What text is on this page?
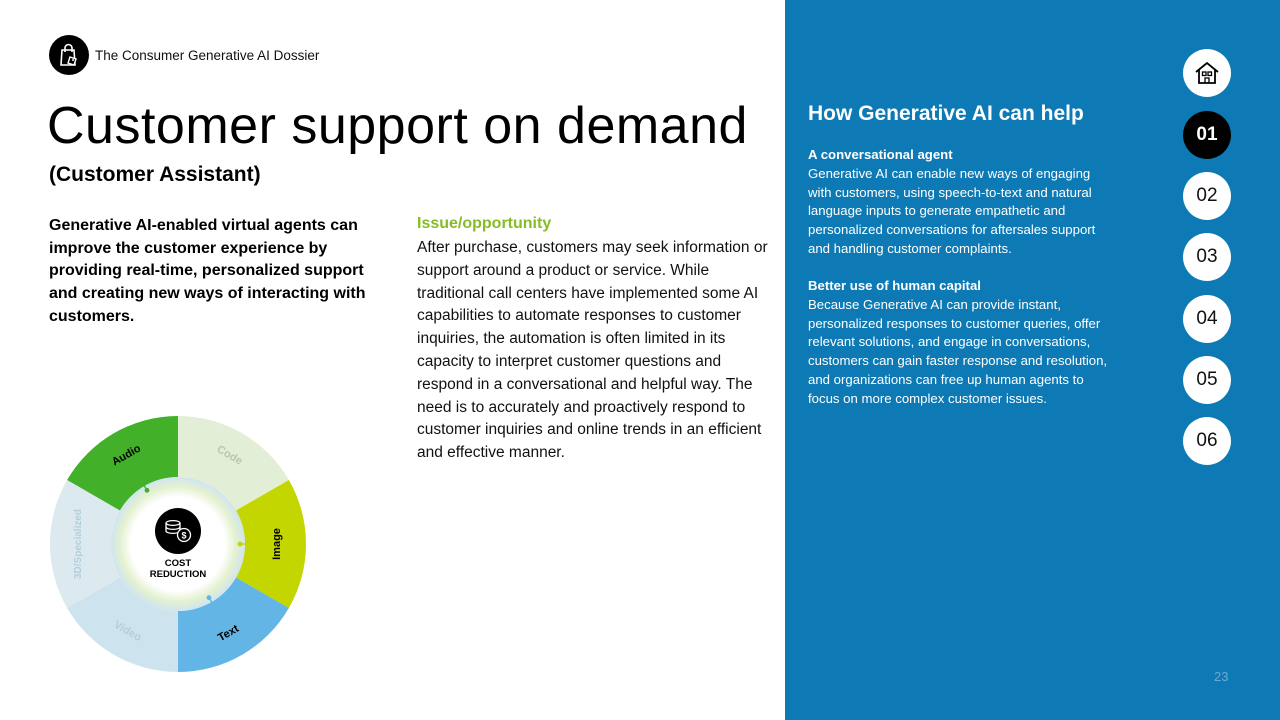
The Consumer Generative AI Dossier
Customer support on demand
(Customer Assistant)

Generative AI-enabled virtual agents can improve the customer experience by providing real-time, personalized support and creating new ways of interacting with customers.

Issue/opportunity

After purchase, customers may seek information or support around a product or service. While traditional call centers have implemented some AI capabilities to automate responses to customer inquiries, the automation is often limited in its capacity to interpret customer questions and respond in a conversational and helpful way. The need is to accurately and proactively respond to customer inquiries and online trends in an efficient and effective manner.

$
COST
REDUCTION
Code
Image
Text
Video
3D/Specialized
Audio
How Generative AI can help

A conversational agent

Generative AI can enable new ways of engaging with customers, using speech-to-text and natural language inputs to generate empathetic and personalized conversations for aftersales support and handling customer complaints.

Better use of human capital

Because Generative AI can provide instant, personalized responses to customer queries, offer relevant solutions, and engage in conversations, customers can gain faster response and resolution, and organizations can free up human agents to focus on more complex customer issues.

01
02
03
04
05
06
23
